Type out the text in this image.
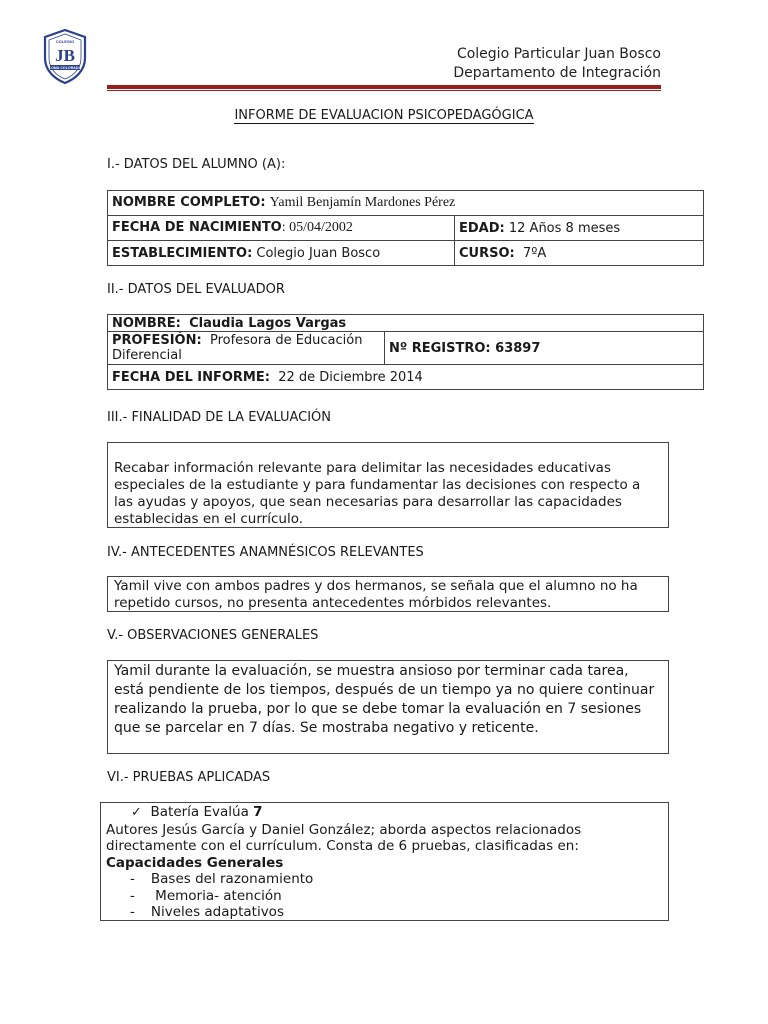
COLEGIO
JB
LOMA COLORADA
Colegio Particular Juan Bosco
Departamento de Integración
INFORME DE EVALUACION PSICOPEDAGÓGICA
I.- DATOS DEL ALUMNO (A):
NOMBRE COMPLETO: Yamil Benjamín Mardones Pérez	
FECHA DE NACIMIENTO: 05/04/2002	EDAD: 12 Años 8 meses
ESTABLECIMIENTO: Colegio Juan Bosco	CURSO: 7ºA
II.- DATOS DEL EVALUADOR
NOMBRE: Claudia Lagos Vargas
PROFESIÓN: Profesora de Educación Diferencial	Nº REGISTRO: 63897
FECHA DEL INFORME: 22 de Diciembre 2014
III.- FINALIDAD DE LA EVALUACIÓN
Recabar información relevante para delimitar las necesidades educativas especiales de la estudiante y para fundamentar las decisiones con respecto a las ayudas y apoyos, que sean necesarias para desarrollar las capacidades establecidas en el currículo.
IV.- ANTECEDENTES ANAMNÉSICOS RELEVANTES
Yamil vive con ambos padres y dos hermanos, se señala que el alumno no ha repetido cursos, no presenta antecedentes mórbidos relevantes.
V.- OBSERVACIONES GENERALES
Yamil durante la evaluación, se muestra ansioso por terminar cada tarea, está pendiente de los tiempos, después de un tiempo ya no quiere continuar realizando la prueba, por lo que se debe tomar la evaluación en 7 sesiones que se parcelar en 7 días. Se mostraba negativo y reticente.
VI.- PRUEBAS APLICADAS
✓ Batería Evalúa 7
Autores Jesús García y Daniel González; aborda aspectos relacionados directamente con el currículum. Consta de 6 pruebas, clasificadas en:
Capacidades Generales
- Bases del razonamiento
- Memoria- atención
- Niveles adaptativos
